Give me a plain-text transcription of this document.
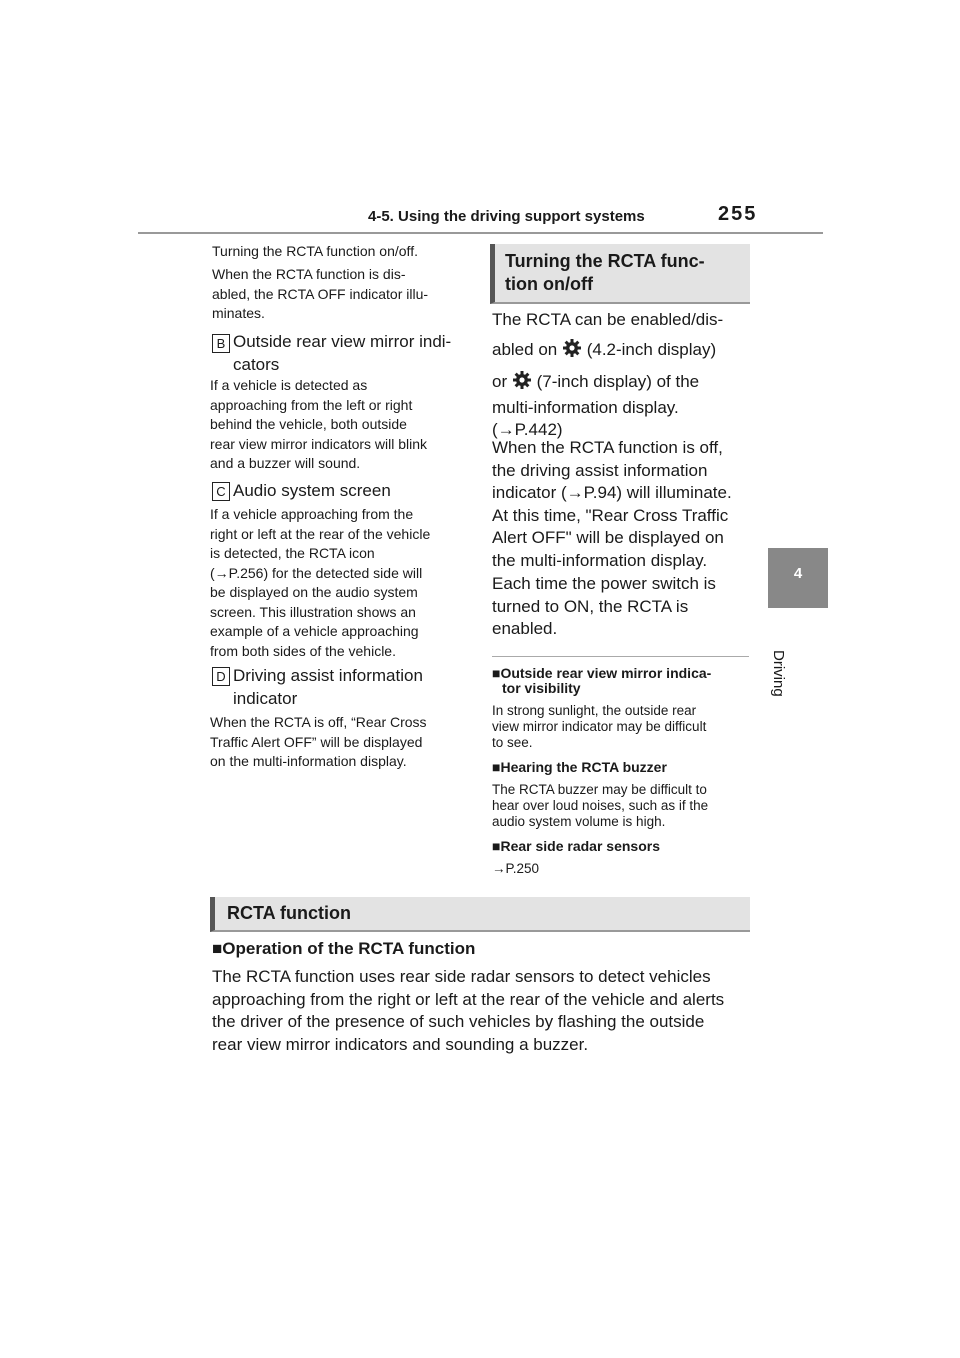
4-5. Using the driving support systems	255
4
Driving
Turning the RCTA function on/off.
When the RCTA function is dis-
abled, the RCTA OFF indicator illu-
minates.
B Outside rear view mirror indi-
cators
If a vehicle is detected as
approaching from the left or right
behind the vehicle, both outside
rear view mirror indicators will blink
and a buzzer will sound.
C Audio system screen
If a vehicle approaching from the
right or left at the rear of the vehicle
is detected, the RCTA icon
(→P.256) for the detected side will
be displayed on the audio system
screen. This illustration shows an
example of a vehicle approaching
from both sides of the vehicle.
D Driving assist information
indicator
When the RCTA is off, “Rear Cross
Traffic Alert OFF” will be displayed
on the multi-information display.
Turning the RCTA func-
tion on/off
The RCTA can be enabled/dis-
abled on (4.2-inch display)
or (7-inch display) of the
multi-information display.
(→P.442)
When the RCTA function is off,
the driving assist information
indicator (→P.94) will illuminate.
At this time, "Rear Cross Traffic
Alert OFF" will be displayed on
the multi-information display.
Each time the power switch is
turned to ON, the RCTA is
enabled.
■Outside rear view mirror indica-
tor visibility
In strong sunlight, the outside rear
view mirror indicator may be difficult
to see.
■Hearing the RCTA buzzer
The RCTA buzzer may be difficult to
hear over loud noises, such as if the
audio system volume is high.
■Rear side radar sensors
→P.250
RCTA function
■Operation of the RCTA function
The RCTA function uses rear side radar sensors to detect vehicles
approaching from the right or left at the rear of the vehicle and alerts
the driver of the presence of such vehicles by flashing the outside
rear view mirror indicators and sounding a buzzer.
